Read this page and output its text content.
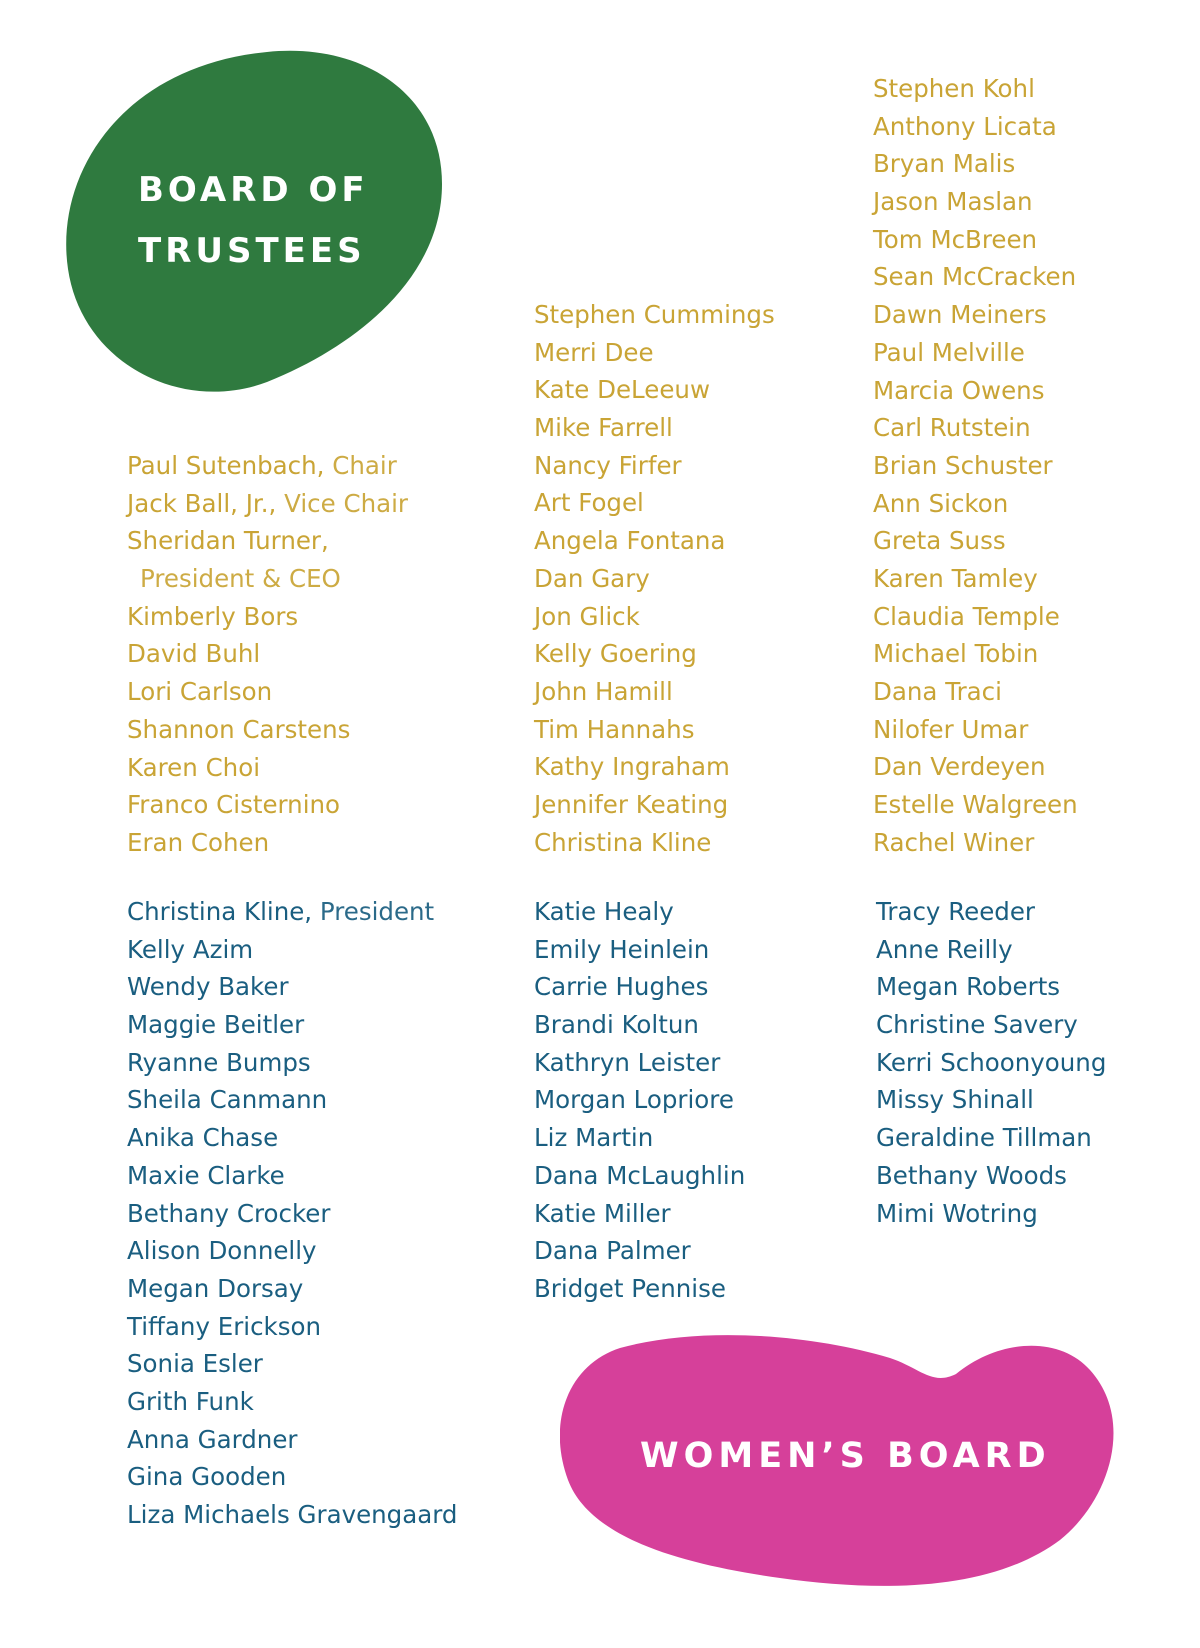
BOARD OF
TRUSTEES
Paul Sutenbach, Chair
Jack Ball, Jr., Vice Chair
Sheridan Turner,
President & CEO
Kimberly Bors
David Buhl
Lori Carlson
Shannon Carstens
Karen Choi
Franco Cisternino
Eran Cohen
Stephen Cummings
Merri Dee
Kate DeLeeuw
Mike Farrell
Nancy Firfer
Art Fogel
Angela Fontana
Dan Gary
Jon Glick
Kelly Goering
John Hamill
Tim Hannahs
Kathy Ingraham
Jennifer Keating
Christina Kline
Stephen Kohl
Anthony Licata
Bryan Malis
Jason Maslan
Tom McBreen
Sean McCracken
Dawn Meiners
Paul Melville
Marcia Owens
Carl Rutstein
Brian Schuster
Ann Sickon
Greta Suss
Karen Tamley
Claudia Temple
Michael Tobin
Dana Traci
Nilofer Umar
Dan Verdeyen
Estelle Walgreen
Rachel Winer
Christina Kline, President
Kelly Azim
Wendy Baker
Maggie Beitler
Ryanne Bumps
Sheila Canmann
Anika Chase
Maxie Clarke
Bethany Crocker
Alison Donnelly
Megan Dorsay
Tiffany Erickson
Sonia Esler
Grith Funk
Anna Gardner
Gina Gooden
Liza Michaels Gravengaard
Katie Healy
Emily Heinlein
Carrie Hughes
Brandi Koltun
Kathryn Leister
Morgan Lopriore
Liz Martin
Dana McLaughlin
Katie Miller
Dana Palmer
Bridget Pennise
Tracy Reeder
Anne Reilly
Megan Roberts
Christine Savery
Kerri Schoonyoung
Missy Shinall
Geraldine Tillman
Bethany Woods
Mimi Wotring
WOMEN’S BOARD
